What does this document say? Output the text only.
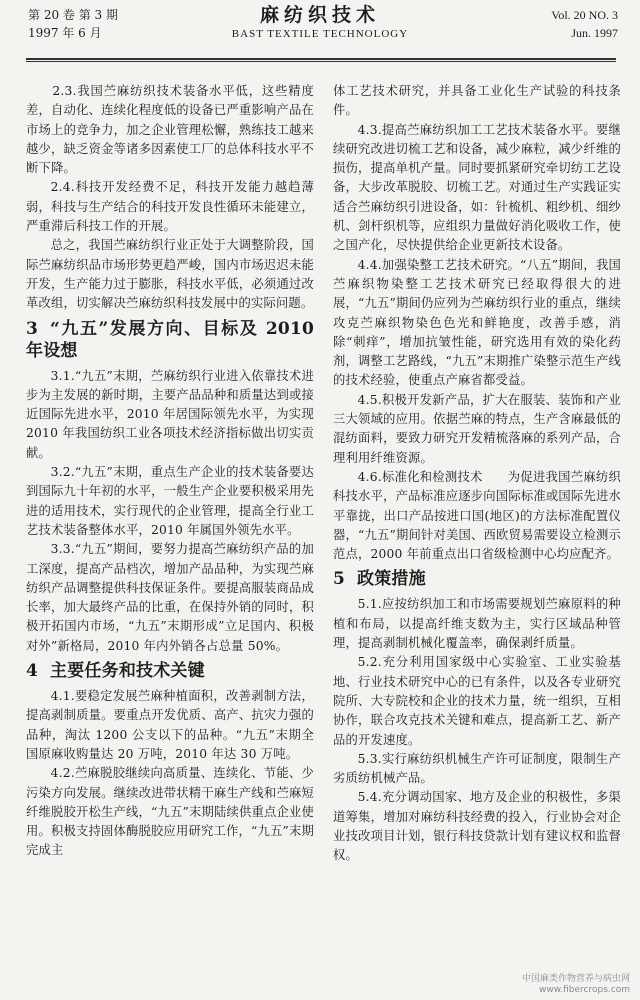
第 20 卷 第 3 期
1997 年 6 月
麻纺织技术
BAST TEXTILE TECHNOLOGY
Vol. 20 NO. 3
Jun. 1997

　　2.3.我国苎麻纺织技术装备水平低，这些精度差，自动化、连续化程度低的设备已严重影响产品在市场上的竞争力，加之企业管理松懈，熟练技工越来越少，缺乏资金等诸多因素使工厂的总体科技水平不断下降。

2.4.科技开发经费不足，科技开发能力越趋薄弱，科技与生产结合的科技开发良性循环未能建立，严重滞后科技工作的开展。

总之，我国苎麻纺织行业正处于大调整阶段，国际苎麻纺织品市场形势更趋严峻，国内市场迟迟未能开发，生产能力过于膨胀，科技水平低，必须通过改革改组，切实解决苎麻纺织科技发展中的实际问题。

3 “九五”发展方向、目标及 2010 年设想

3.1.“九五”末期，苎麻纺织行业进入依靠技术进步为主发展的新时期，主要产品品种和质量达到或接近国际先进水平，2010 年居国际领先水平，为实现 2010 年我国纺织工业各项技术经济指标做出切实贡献。

3.2.“九五”末期，重点生产企业的技术装备要达到国际九十年初的水平，一般生产企业要积极采用先进的适用技术，实行现代的企业管理，提高全行业工艺技术装备整体水平，2010 年属国外领先水平。

3.3.“九五”期间，要努力提高苎麻纺织产品的加工深度，提高产品档次，增加产品品种，为实现苎麻纺织产品调整提供科技保证条件。要提高服装商品成长率，加大最终产品的比重，在保持外销的同时，积极开拓国内市场，“九五”末期形成”立足国内、积极对外”新格局，2010 年内外销各占总量 50%。

4 主要任务和技术关键

4.1.要稳定发展苎麻种植面积，改善剥制方法，提高剥制质量。要重点开发优质、高产、抗灾力强的品种，淘汰 1200 公支以下的品种。“九五”末期全国原麻收购量达 20 万吨，2010 年达 30 万吨。

4.2.苎麻脱胶继续向高质量、连续化、节能、少污染方向发展。继续改进带状精干麻生产线和苎麻短纤维脱胶开松生产线，“九五”末期陆续供重点企业使用。积极支持固体酶脱胶应用研究工作，“九五”末期完成主

体工艺技术研究，并具备工业化生产试验的科技条件。

4.3.提高苎麻纺织加工工艺技术装备水平。要继续研究改进切梳工艺和设备，减少麻粒，减少纤维的损伤，提高单机产量。同时要抓紧研究牵切纺工艺设备，大步改革脱胶、切梳工艺。对通过生产实践证实适合苎麻纺织引进设备，如：针梳机、粗纱机、细纱机、剑杆织机等，应组织力量做好消化吸收工作，使之国产化，尽快提供给企业更新技术设备。

4.4.加强染整工艺技术研究。“八五”期间，我国苎麻织物染整工艺技术研究已经取得很大的进展，“九五”期间仍应列为苎麻纺织行业的重点，继续攻克苎麻织物染色色光和鲜艳度，改善手感，消除“刺痒”，增加抗皱性能，研究选用有效的染化药剂，调整工艺路线，“九五”末期推广染整示范生产线的技术经验，使重点产麻省都受益。

4.5.积极开发新产品，扩大在服装、装饰和产业三大领域的应用。依据苎麻的特点，生产含麻最低的混纺面料，要致力研究开发精梳落麻的系列产品，合理利用纤维资源。

4.6.标准化和检测技术　　为促进我国苎麻纺织科技水平，产品标准应逐步向国际标准或国际先进水平靠拢，出口产品按进口国(地区)的方法标准配置仪器，“九五”期间针对美国、西欧贸易需要设立检测示范点，2000 年前重点出口省级检测中心均应配齐。

5 政策措施

5.1.应按纺织加工和市场需要规划苎麻原料的种植和布局，以提高纤维支数为主，实行区域品种管理，提高剥制机械化覆盖率，确保剥纤质量。

5.2.充分利用国家级中心实验室、工业实验基地、行业技术研究中心的已有条件，以及各专业研究院所、大专院校和企业的技术力量，统一组织，互相协作，联合攻克技术关键和难点，提高新工艺、新产品的开发速度。

5.3.实行麻纺织机械生产许可证制度，限制生产劣质纺机械产品。

5.4.充分调动国家、地方及企业的积极性，多渠道筹集，增加对麻纺科技经费的投入，行业协会对企业技改项目计划，银行科技贷款计划有建议权和监督权。

中国麻类作物营养与病虫网
www.fibercrops.com
